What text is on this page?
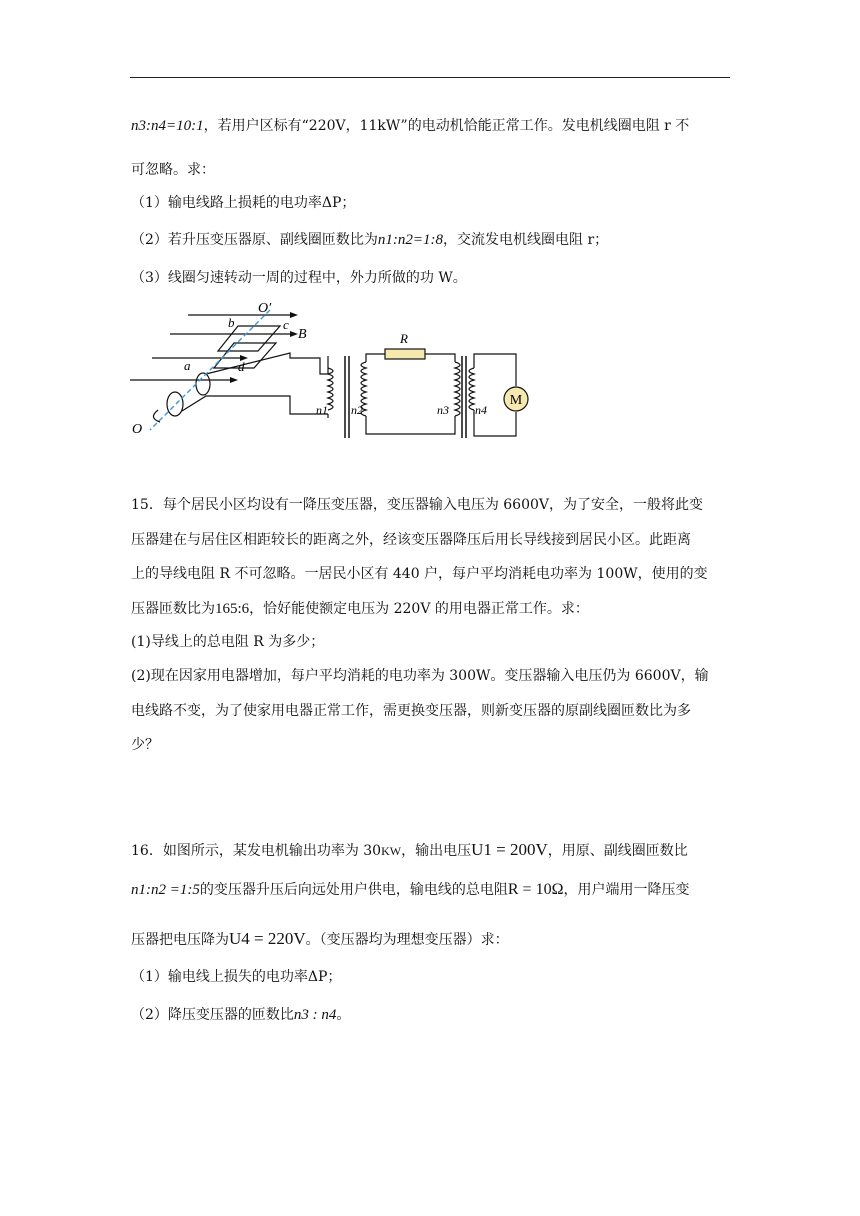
n3:n4=10:1，若用户区标有“220V，11kW”的电动机恰能正常工作。发电机线圈电阻 r 不
可忽略。求：
（1）输电线路上损耗的电功率ΔP；
（2）若升压变压器原、副线圈匝数比为n1:n2=1:8，交流发电机线圈电阻 r；
（3）线圈匀速转动一周的过程中，外力所做的功 W。
M
O′
b	c
B
a	d
O
R
n1 n2	n3 n4
15．每个居民小区均设有一降压变压器，变压器输入电压为 6600V，为了安全，一般将此变
压器建在与居住区相距较长的距离之外，经该变压器降压后用长导线接到居民小区。此距离
上的导线电阻 R 不可忽略。一居民小区有 440 户，每户平均消耗电功率为 100W，使用的变
压器匝数比为165:6，恰好能使额定电压为 220V 的用电器正常工作。求：
(1)导线上的总电阻 R 为多少；
(2)现在因家用电器增加，每户平均消耗的电功率为 300W。变压器输入电压仍为 6600V，输
电线路不变，为了使家用电器正常工作，需更换变压器，则新变压器的原副线圈匝数比为多
少？
16．如图所示，某发电机输出功率为 30KW，输出电压U1 = 200V，用原、副线圈匝数比
n1:n2 =1:5的变压器升压后向远处用户供电，输电线的总电阻R = 10Ω，用户端用一降压变
压器把电压降为U4 = 220V。（变压器均为理想变压器）求：
（1）输电线上损失的电功率ΔP；
（2）降压变压器的匝数比n3 : n4。
